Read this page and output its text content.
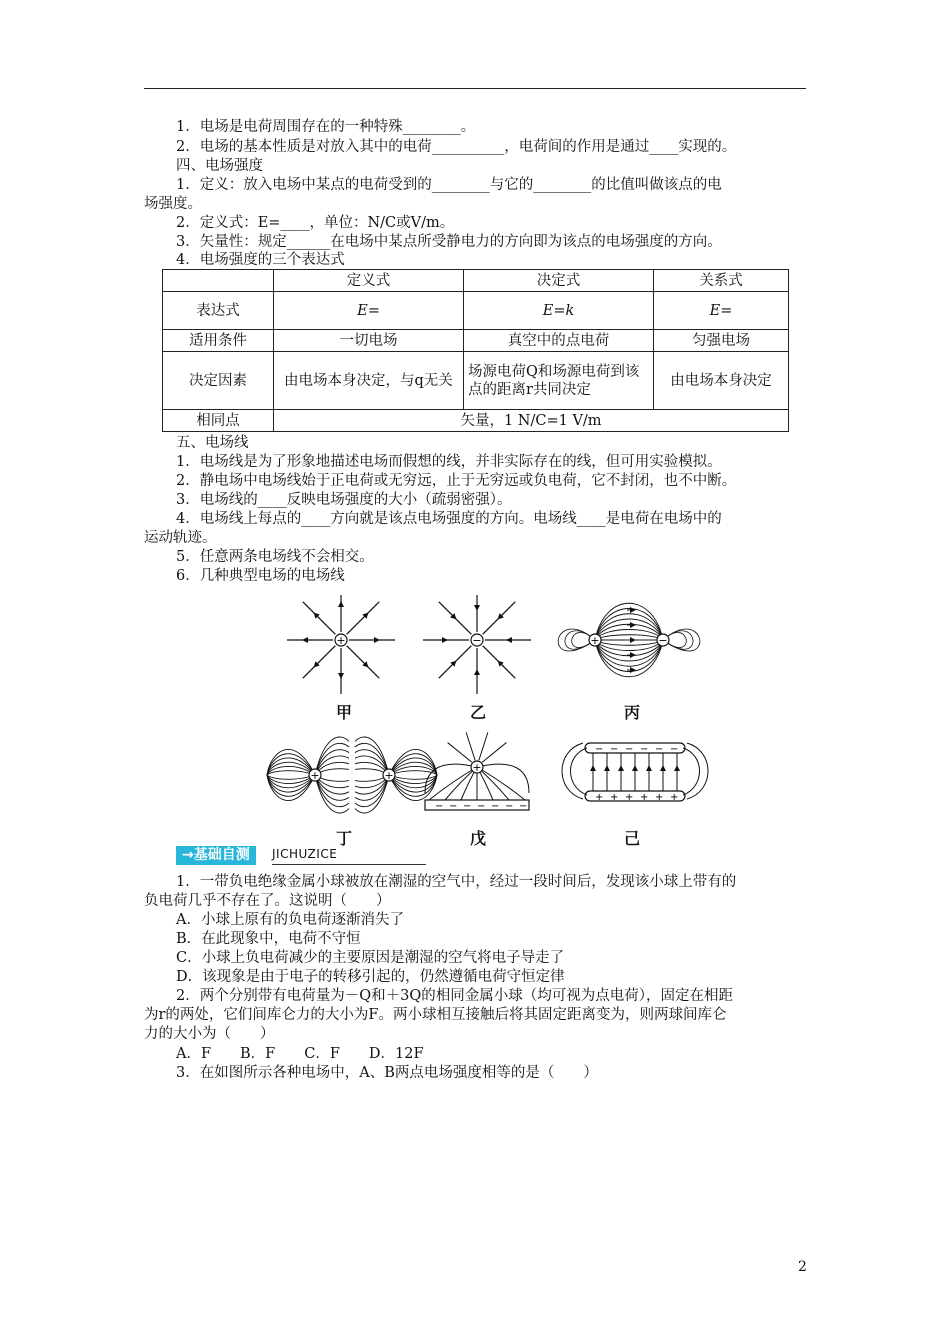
1．电场是电荷周围存在的一种特殊________。
2．电场的基本性质是对放入其中的电荷__________，电荷间的作用是通过____实现的。
四、电场强度
1．定义：放入电场中某点的电荷受到的________与它的________的比值叫做该点的电
场强度。
2．定义式：E=____，单位：N/C或V/m。
3．矢量性：规定______在电场中某点所受静电力的方向即为该点的电场强度的方向。
4．电场强度的三个表达式
	定义式	决定式	关系式
表达式	E=	E=k	E=
适用条件	一切电场	真空中的点电荷	匀强电场
决定因素	由电场本身决定，与q无关	场源电荷Q和场源电荷到该点的距离r共同决定	由电场本身决定
相同点	矢量，1 N/C=1 V/m		
五、电场线
1．电场线是为了形象地描述电场而假想的线，并非实际存在的线，但可用实验模拟。
2．静电场中电场线始于正电荷或无穷远，止于无穷远或负电荷，它不封闭，也不中断。
3．电场线的____反映电场强度的大小（疏弱密强）。
4．电场线上每点的____方向就是该点电场强度的方向。电场线____是电荷在电场中的
运动轨迹。
5．任意两条电场线不会相交。
6．几种典型电场的电场线
+	−	+	−
+	+
− − − − − − −
+
−
+
−
+
−
+
−
+
−
+
−
+
甲	乙	丙
丁	戊	己
→基础自测	JICHUZICE
1．一带负电绝缘金属小球被放在潮湿的空气中，经过一段时间后，发现该小球上带有的
负电荷几乎不存在了。这说明（　　）
A．小球上原有的负电荷逐渐消失了
B．在此现象中，电荷不守恒
C．小球上负电荷减少的主要原因是潮湿的空气将电子导走了
D．该现象是由于电子的转移引起的，仍然遵循电荷守恒定律
2．两个分别带有电荷量为－Q和＋3Q的相同金属小球（均可视为点电荷），固定在相距
为r的两处，它们间库仑力的大小为F。两小球相互接触后将其固定距离变为，则两球间库仑
力的大小为（　　）
A．F　　B．F　　C．F　　D．12F
3．在如图所示各种电场中，A、B两点电场强度相等的是（　　）
2
